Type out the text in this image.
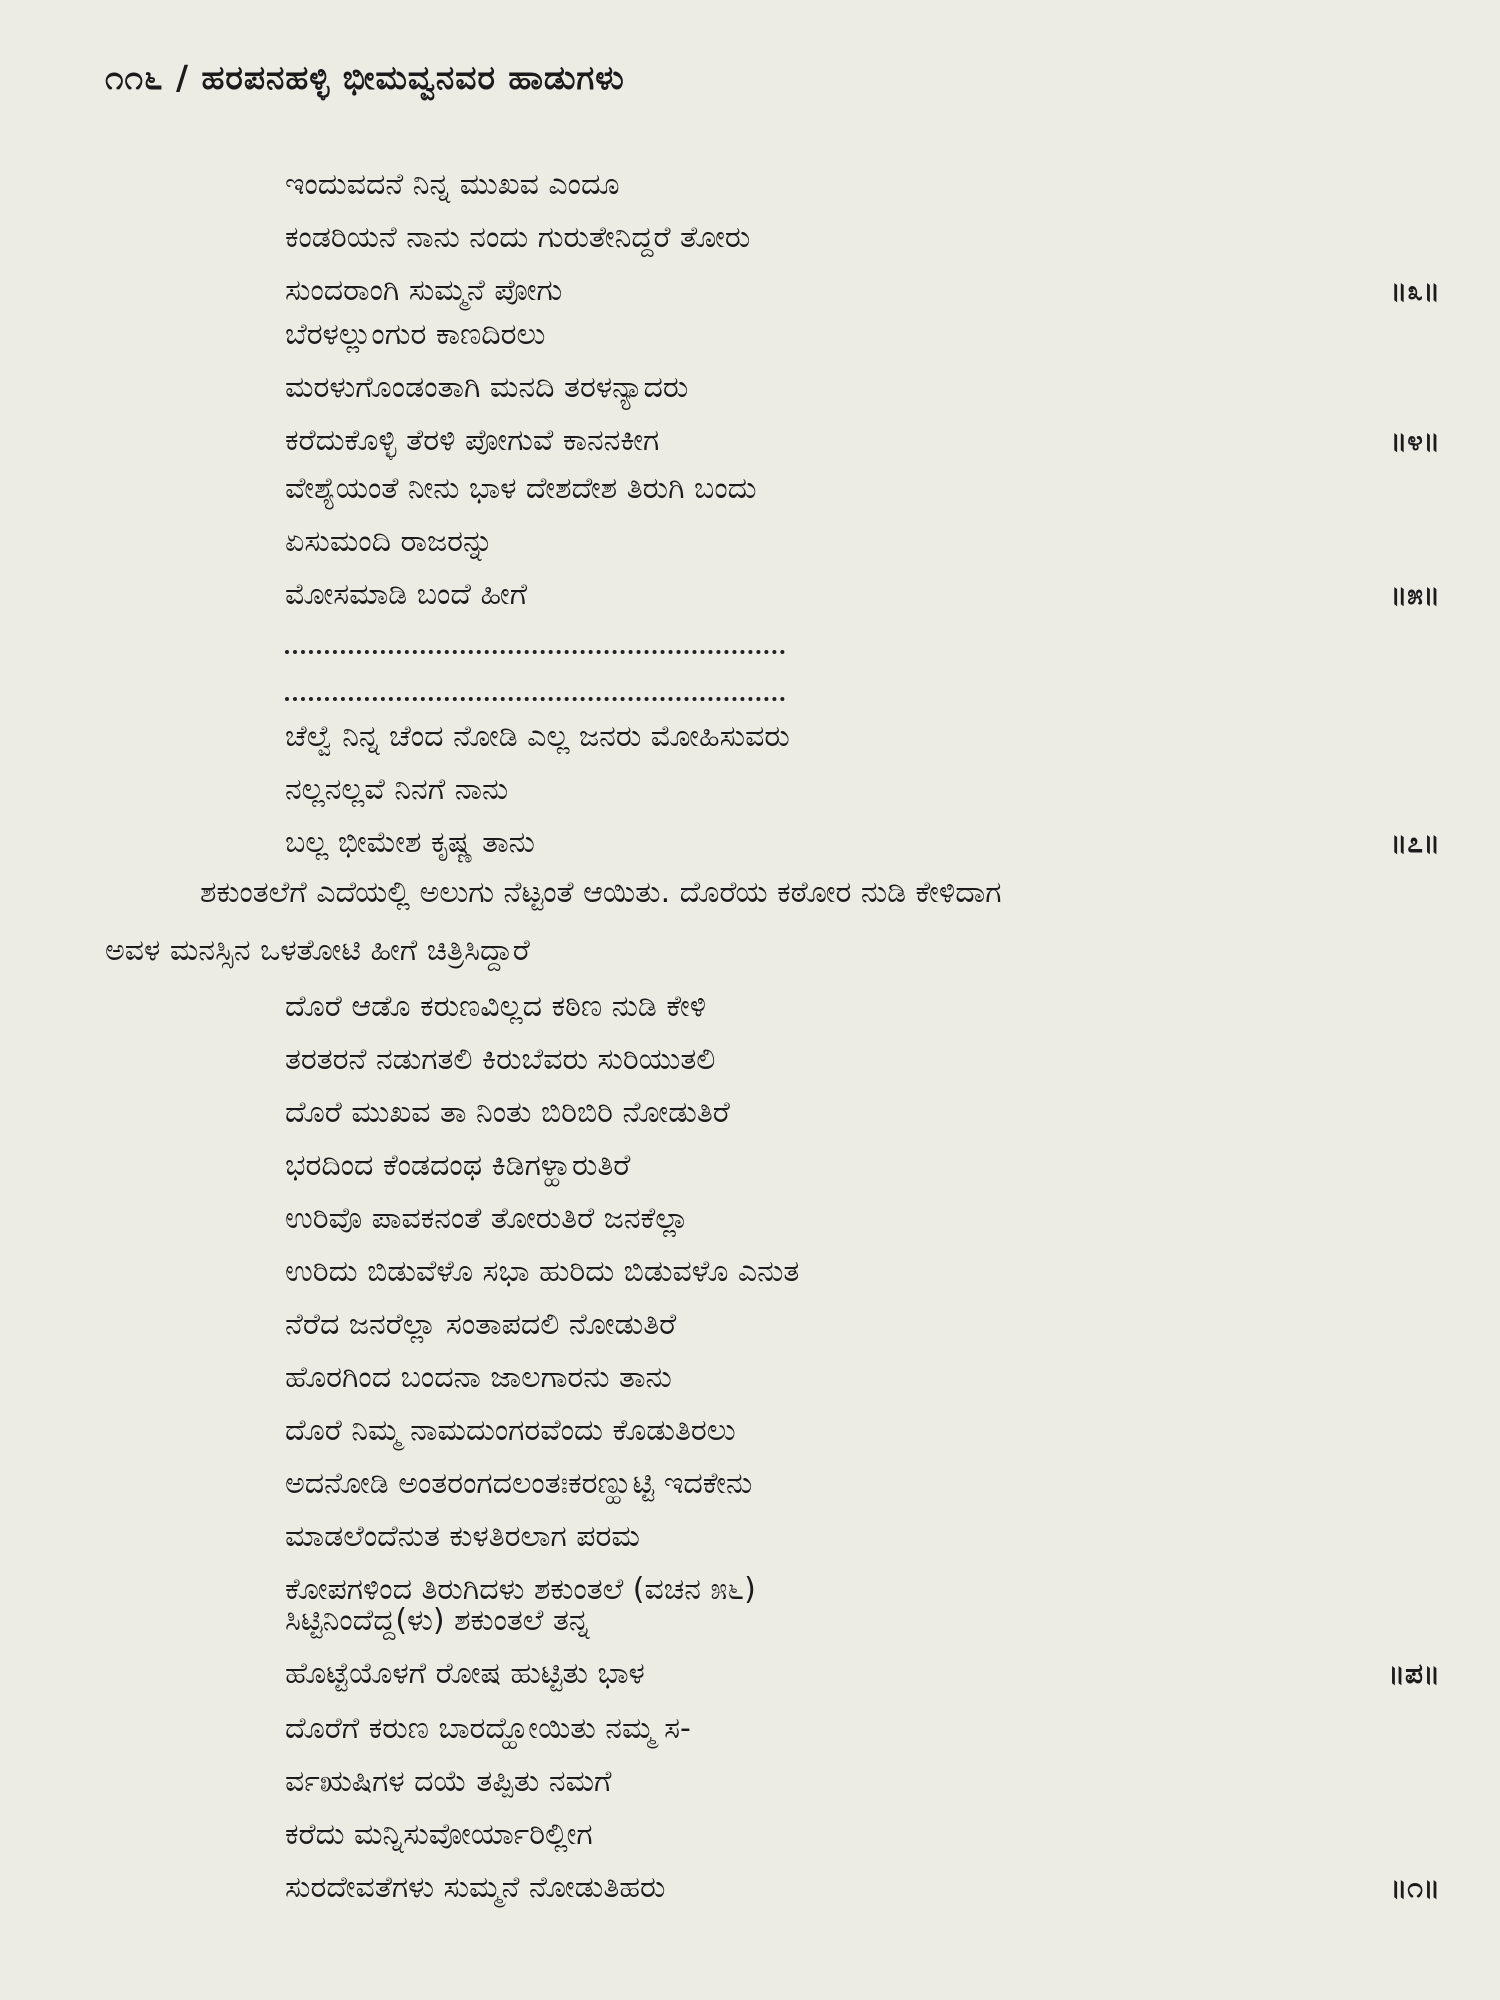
೧೧೬ / ಹರಪನಹಳ್ಳಿ ಭೀಮವ್ವನವರ ಹಾಡುಗಳು
ಇಂದುವದನೆ ನಿನ್ನ ಮುಖವ ಎಂದೂ
ಕಂಡರಿಯನೆ ನಾನು ನಂದು ಗುರುತೇನಿದ್ದರೆ ತೋರು
ಸುಂದರಾಂಗಿ ಸುಮ್ಮನೆ ಪೋಗು	॥೩॥
ಬೆರಳಲ್ಲುಂಗುರ ಕಾಣದಿರಲು
ಮರಳುಗೊಂಡಂತಾಗಿ ಮನದಿ ತರಳನ್ಯಾದರು
ಕರೆದುಕೊಳ್ಳಿ ತೆರಳಿ ಪೋಗುವೆ ಕಾನನಕೀಗ	॥೪॥
ವೇಶ್ಯೆಯಂತೆ ನೀನು ಭಾಳ ದೇಶದೇಶ ತಿರುಗಿ ಬಂದು
ಏಸುಮಂದಿ ರಾಜರನ್ನು
ಮೋಸಮಾಡಿ ಬಂದೆ ಹೀಗೆ	॥೫॥
ಚೆಲ್ವೆ ನಿನ್ನ ಚೆಂದ ನೋಡಿ ಎಲ್ಲ ಜನರು ಮೋಹಿಸುವರು
ನಲ್ಲನಲ್ಲವೆ ನಿನಗೆ ನಾನು
ಬಲ್ಲ ಭೀಮೇಶ ಕೃಷ್ಣ ತಾನು	॥೭॥

ಶಕುಂತಲೆಗೆ ಎದೆಯಲ್ಲಿ ಅಲುಗು ನೆಟ್ಟಂತೆ ಆಯಿತು. ದೊರೆಯ ಕಠೋರ ನುಡಿ ಕೇಳಿದಾಗ

ಅವಳ ಮನಸ್ಸಿನ ಒಳತೋಟಿ ಹೀಗೆ ಚಿತ್ರಿಸಿದ್ದಾರೆ

ದೊರೆ ಆಡೊ ಕರುಣವಿಲ್ಲದ ಕಠಿಣ ನುಡಿ ಕೇಳಿ
ತರತರನೆ ನಡುಗತಲಿ ಕಿರುಬೆವರು ಸುರಿಯುತಲಿ
ದೊರೆ ಮುಖವ ತಾ ನಿಂತು ಬಿರಿಬಿರಿ ನೋಡುತಿರೆ
ಭರದಿಂದ ಕೆಂಡದಂಥ ಕಿಡಿಗಳ್ಹಾರುತಿರೆ
ಉರಿವೊ ಪಾವಕನಂತೆ ತೋರುತಿರೆ ಜನಕೆಲ್ಲಾ
ಉರಿದು ಬಿಡುವೆಳೊ ಸಭಾ ಹುರಿದು ಬಿಡುವಳೊ ಎನುತ
ನೆರೆದ ಜನರೆಲ್ಲಾ ಸಂತಾಪದಲಿ ನೋಡುತಿರೆ
ಹೊರಗಿಂದ ಬಂದನಾ ಜಾಲಗಾರನು ತಾನು
ದೊರೆ ನಿಮ್ಮ ನಾಮದುಂಗರವೆಂದು ಕೊಡುತಿರಲು
ಅದನೋಡಿ ಅಂತರಂಗದಲಂತಃಕರಣ್ಹುಟ್ಟಿ ಇದಕೇನು
ಮಾಡಲೆಂದೆನುತ ಕುಳತಿರಲಾಗ ಪರಮ
ಕೋಪಗಳಿಂದ ತಿರುಗಿದಳು ಶಕುಂತಲೆ (ವಚನ ೫೬)
ಸಿಟ್ಟಿನಿಂದೆದ್ದ(ಳು) ಶಕುಂತಲೆ ತನ್ನ
ಹೊಟ್ಟೆಯೊಳಗೆ ರೋಷ ಹುಟ್ಟಿತು ಭಾಳ	॥ಪ॥
ದೊರೆಗೆ ಕರುಣ ಬಾರದ್ಹೋಯಿತು ನಮ್ಮ ಸ-
ರ್ವಋಷಿಗಳ ದಯೆ ತಪ್ಪಿತು ನಮಗೆ
ಕರೆದು ಮನ್ನಿಸುವೋರ್ಯಾರಿಲ್ಲೀಗ
ಸುರದೇವತೆಗಳು ಸುಮ್ಮನೆ ನೋಡುತಿಹರು	॥೧॥
